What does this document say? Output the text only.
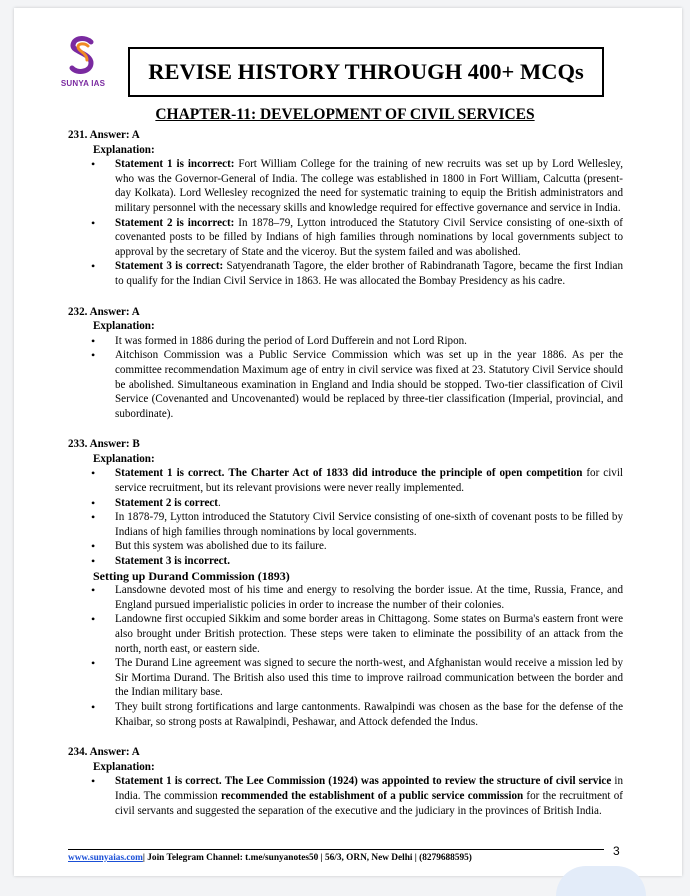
SUNYA IAS	REVISE HISTORY THROUGH 400+ MCQs
CHAPTER-11: DEVELOPMENT OF CIVIL SERVICES
231. Answer: A
Explanation:
• Statement 1 is incorrect: Fort William College for the training of new recruits was set up by Lord Wellesley, who was the Governor-General of India. The college was established in 1800 in Fort William, Calcutta (present-day Kolkata). Lord Wellesley recognized the need for systematic training to equip the British administrators and military personnel with the necessary skills and knowledge required for effective governance and service in India.
• Statement 2 is incorrect: In 1878–79, Lytton introduced the Statutory Civil Service consisting of one-sixth of covenanted posts to be filled by Indians of high families through nominations by local governments subject to approval by the secretary of State and the viceroy. But the system failed and was abolished.
• Statement 3 is correct: Satyendranath Tagore, the elder brother of Rabindranath Tagore, became the first Indian to qualify for the Indian Civil Service in 1863. He was allocated the Bombay Presidency as his cadre.
232. Answer: A
Explanation:
• It was formed in 1886 during the period of Lord Dufferein and not Lord Ripon.
• Aitchison Commission was a Public Service Commission which was set up in the year 1886. As per the committee recommendation Maximum age of entry in civil service was fixed at 23. Statutory Civil Service should be abolished. Simultaneous examination in England and India should be stopped. Two-tier classification of Civil Service (Covenanted and Uncovenanted) would be replaced by three-tier classification (Imperial, provincial, and subordinate).
233. Answer: B
Explanation:
• Statement 1 is correct. The Charter Act of 1833 did introduce the principle of open competition for civil service recruitment, but its relevant provisions were never really implemented.
• Statement 2 is correct.
• In 1878-79, Lytton introduced the Statutory Civil Service consisting of one-sixth of covenant posts to be filled by Indians of high families through nominations by local governments.
• But this system was abolished due to its failure.
• Statement 3 is incorrect.
Setting up Durand Commission (1893)
• Lansdowne devoted most of his time and energy to resolving the border issue. At the time, Russia, France, and England pursued imperialistic policies in order to increase the number of their colonies.
• Landowne first occupied Sikkim and some border areas in Chittagong. Some states on Burma's eastern front were also brought under British protection. These steps were taken to eliminate the possibility of an attack from the north, north east, or eastern side.
• The Durand Line agreement was signed to secure the north-west, and Afghanistan would receive a mission led by Sir Mortima Durand. The British also used this time to improve railroad communication between the border and the Indian military base.
• They built strong fortifications and large cantonments. Rawalpindi was chosen as the base for the defense of the Khaibar, so strong posts at Rawalpindi, Peshawar, and Attock defended the Indus.
234. Answer: A
Explanation:
• Statement 1 is correct. The Lee Commission (1924) was appointed to review the structure of civil service in India. The commission recommended the establishment of a public service commission for the recruitment of civil servants and suggested the separation of the executive and the judiciary in the provinces of British India.
www.sunyaias.com| Join Telegram Channel: t.me/sunyanotes50 | 56/3, ORN, New Delhi | (8279688595)	3
